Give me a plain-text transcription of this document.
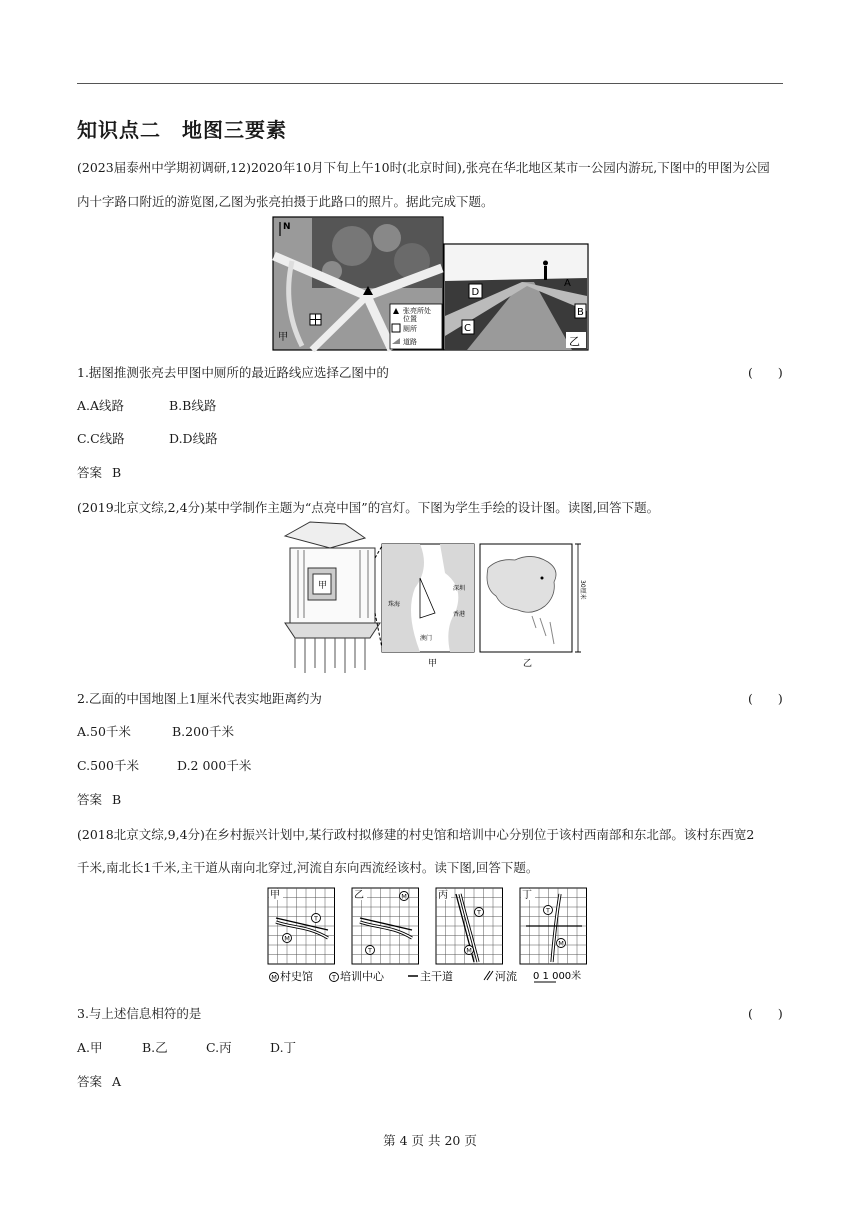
知识点二　地图三要素
(2023届泰州中学期初调研,12)2020年10月下旬上午10时(北京时间),张亮在华北地区某市一公园内游玩,下图中的甲图为公园
内十字路口附近的游览图,乙图为张亮拍摄于此路口的照片。据此完成下题。
N
甲
张亮所处
位置
厕所
道路
D
A
B
C
乙
1.据图推测张亮去甲图中厕所的最近路线应选择乙图中的	(　　)
A.A线路	B.B线路
C.C线路	D.D线路
答案 B
(2019北京文综,2,4分)某中学制作主题为“点亮中国”的宫灯。下图为学生手绘的设计图。读图,回答下题。
甲
珠海
深圳
香港
澳门
甲	乙
30厘米
2.乙面的中国地图上1厘米代表实地距离约为	(　　)
A.50千米	B.200千米
C.500千米	D.2 000千米
答案 B
(2018北京文综,9,4分)在乡村振兴计划中,某行政村拟修建的村史馆和培训中心分别位于该村西南部和东北部。该村东西宽2
千米,南北长1千米,主干道从南向北穿过,河流自东向西流经该村。读下图,回答下题。
甲
T
M
乙	M
T
丙
T
M
丁
T
M
M 村史馆	T 培训中心	主干道	河流 0 1 000米
3.与上述信息相符的是	(　　)
A.甲	B.乙	C.丙	D.丁
答案 A
第 4 页 共 20 页
